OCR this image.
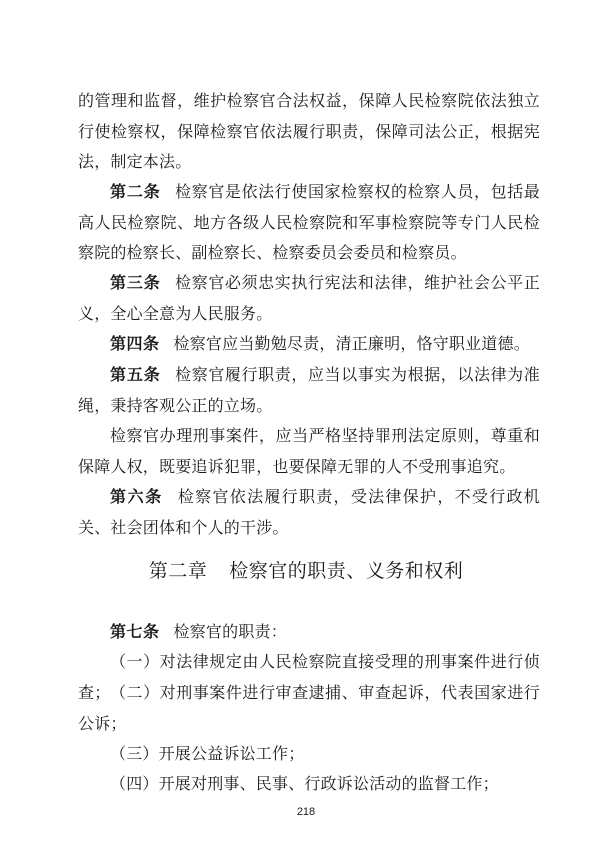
的管理和监督，维护检察官合法权益，保障人民检察院依法独立行使检察权，保障检察官依法履行职责，保障司法公正，根据宪法，制定本法。

第二条 检察官是依法行使国家检察权的检察人员，包括最高人民检察院、地方各级人民检察院和军事检察院等专门人民检察院的检察长、副检察长、检察委员会委员和检察员。

第三条 检察官必须忠实执行宪法和法律，维护社会公平正义，全心全意为人民服务。

第四条 检察官应当勤勉尽责，清正廉明，恪守职业道德。

第五条 检察官履行职责，应当以事实为根据，以法律为准绳，秉持客观公正的立场。

检察官办理刑事案件，应当严格坚持罪刑法定原则，尊重和保障人权，既要追诉犯罪，也要保障无罪的人不受刑事追究。

第六条 检察官依法履行职责，受法律保护，不受行政机关、社会团体和个人的干涉。

第二章 检察官的职责、义务和权利

第七条 检察官的职责：

（一）对法律规定由人民检察院直接受理的刑事案件进行侦查； （二）对刑事案件进行审查逮捕、审查起诉，代表国家进行公诉；

（三）开展公益诉讼工作；

（四）开展对刑事、民事、行政诉讼活动的监督工作；

218
